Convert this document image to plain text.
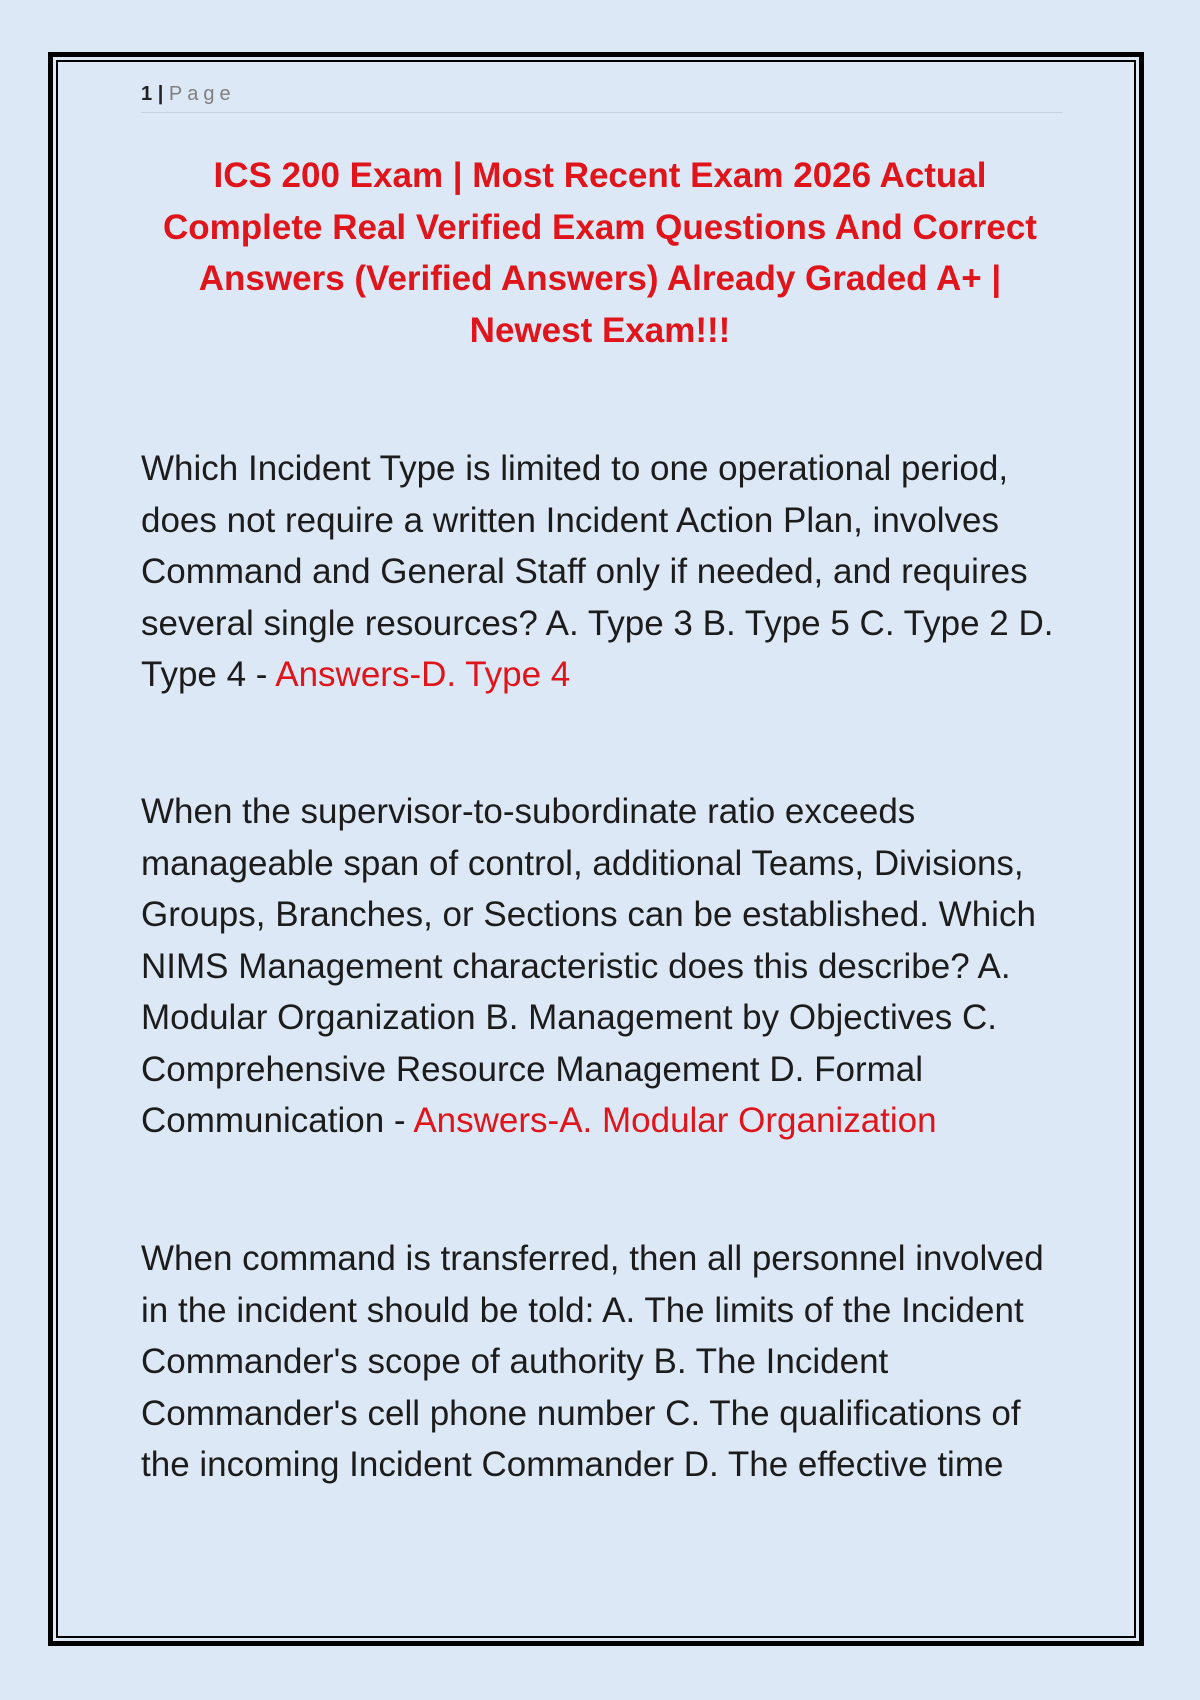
1 | Page
ICS 200 Exam | Most Recent Exam 2026 Actual Complete Real Verified Exam Questions And Correct Answers (Verified Answers) Already Graded A+ | Newest Exam!!!

Which Incident Type is limited to one operational period, does not require a written Incident Action Plan, involves Command and General Staff only if needed, and requires several single resources? A. Type 3 B. Type 5 C. Type 2 D. Type 4 - Answers-D. Type 4

When the supervisor-to-subordinate ratio exceeds manageable span of control, additional Teams, Divisions, Groups, Branches, or Sections can be established. Which NIMS Management characteristic does this describe? A. Modular Organization B. Management by Objectives C. Comprehensive Resource Management D. Formal Communication - Answers-A. Modular Organization

When command is transferred, then all personnel involved in the incident should be told: A. The limits of the Incident Commander's scope of authority B. The Incident Commander's cell phone number C. The qualifications of the incoming Incident Commander D. The effective time
